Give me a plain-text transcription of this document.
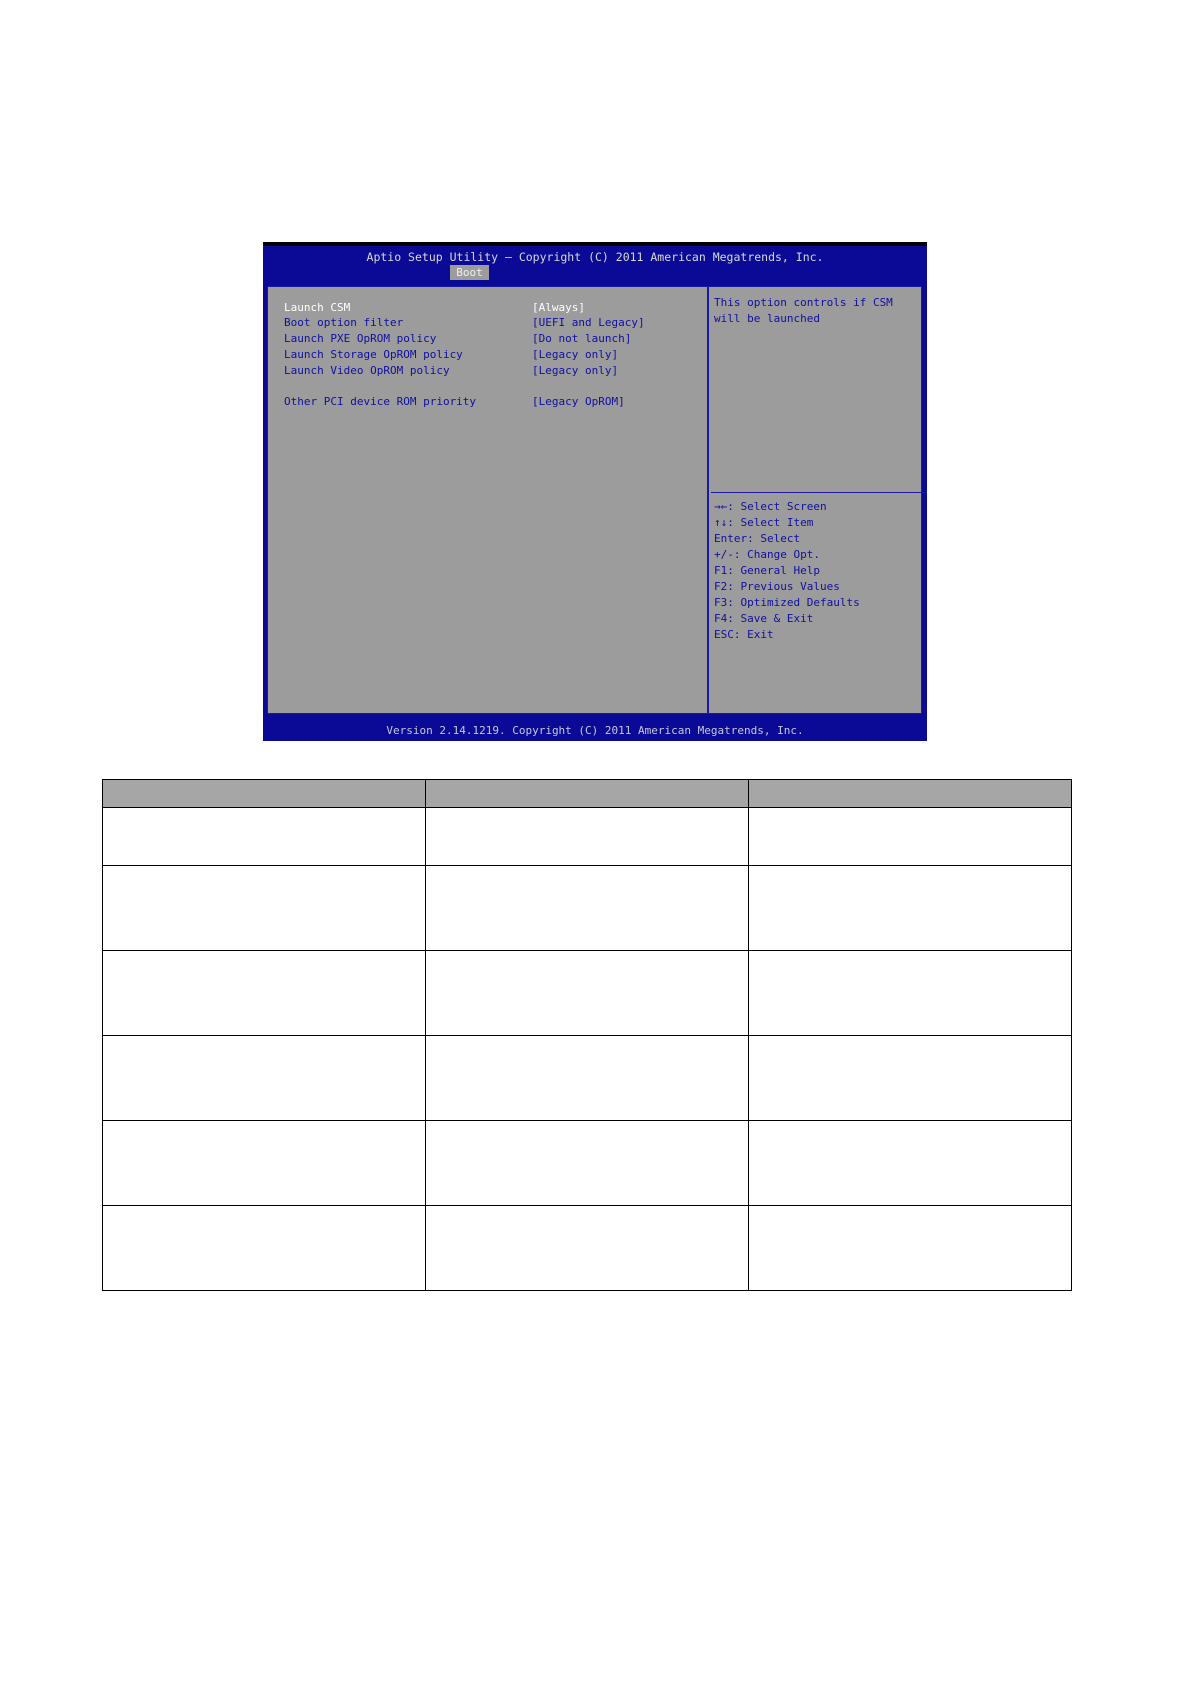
Aptio Setup Utility – Copyright (C) 2011 American Megatrends, Inc.
Boot
Launch CSM	[Always]
Boot option filter	[UEFI and Legacy]
Launch PXE OpROM policy	[Do not launch]
Launch Storage OpROM policy	[Legacy only]
Launch Video OpROM policy	[Legacy only]
Other PCI device ROM priority	[Legacy OpROM]
This option controls if CSM will be launched
→←: Select Screen
↑↓: Select Item
Enter: Select
+/-: Change Opt.
F1: General Help
F2: Previous Values
F3: Optimized Defaults
F4: Save & Exit
ESC: Exit
Version 2.14.1219. Copyright (C) 2011 American Megatrends, Inc.
